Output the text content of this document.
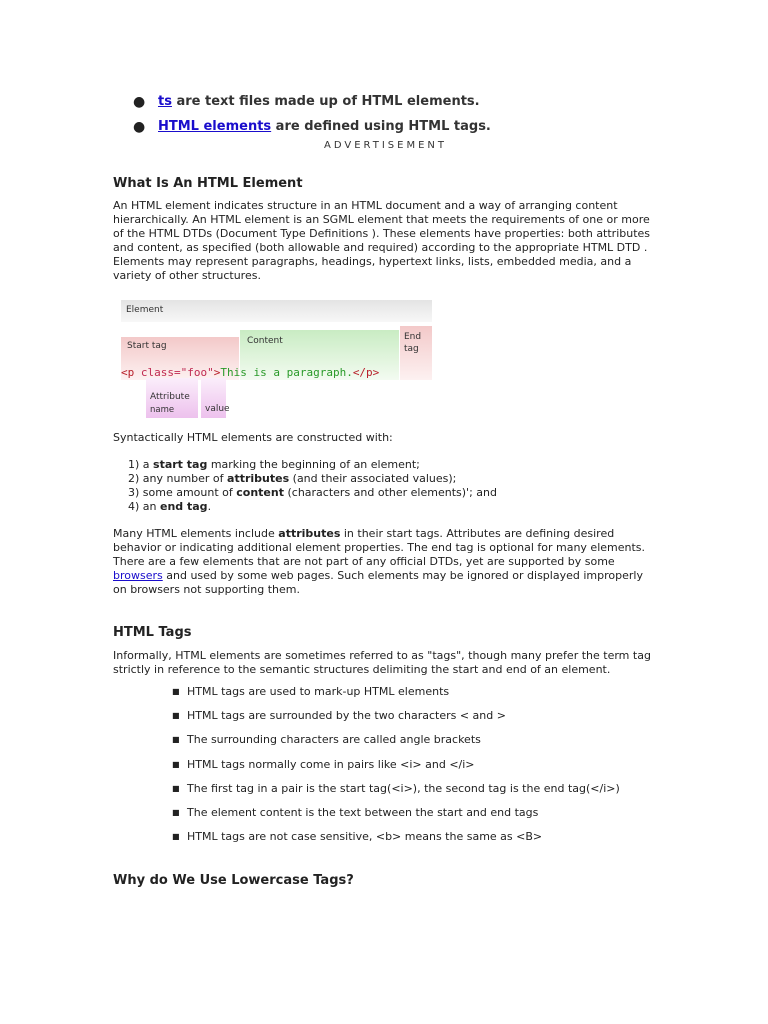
● ts are text files made up of HTML elements.
● HTML elements are defined using HTML tags.
ADVERTISEMENT
What Is An HTML Element

An HTML element indicates structure in an HTML document and a way of arranging content hierarchically. An HTML element is an SGML element that meets the requirements of one or more of the HTML DTDs (Document Type Definitions ). These elements have properties: both attributes and content, as specified (both allowable and required) according to the appropriate HTML DTD . Elements may represent paragraphs, headings, hypertext links, lists, embedded media, and a variety of other structures.

Element
Start tag	Content	End
tag
<p class="foo">This is a paragraph.</p>
Attribute
name	value

Syntactically HTML elements are constructed with:

1) a start tag marking the beginning of an element;
2) any number of attributes (and their associated values);
3) some amount of content (characters and other elements)'; and
4) an end tag.

Many HTML elements include attributes in their start tags. Attributes are defining desired behavior or indicating additional element properties. The end tag is optional for many elements. There are a few elements that are not part of any official DTDs, yet are supported by some browsers and used by some web pages. Such elements may be ignored or displayed improperly on browsers not supporting them.

HTML Tags

Informally, HTML elements are sometimes referred to as "tags", though many prefer the term tag strictly in reference to the semantic structures delimiting the start and end of an element.

■ HTML tags are used to mark-up HTML elements
■ HTML tags are surrounded by the two characters < and >
■ The surrounding characters are called angle brackets
■ HTML tags normally come in pairs like <i> and </i>
■ The first tag in a pair is the start tag(<i>), the second tag is the end tag(</i>)
■ The element content is the text between the start and end tags
■ HTML tags are not case sensitive, <b> means the same as <B>
Why do We Use Lowercase Tags?
